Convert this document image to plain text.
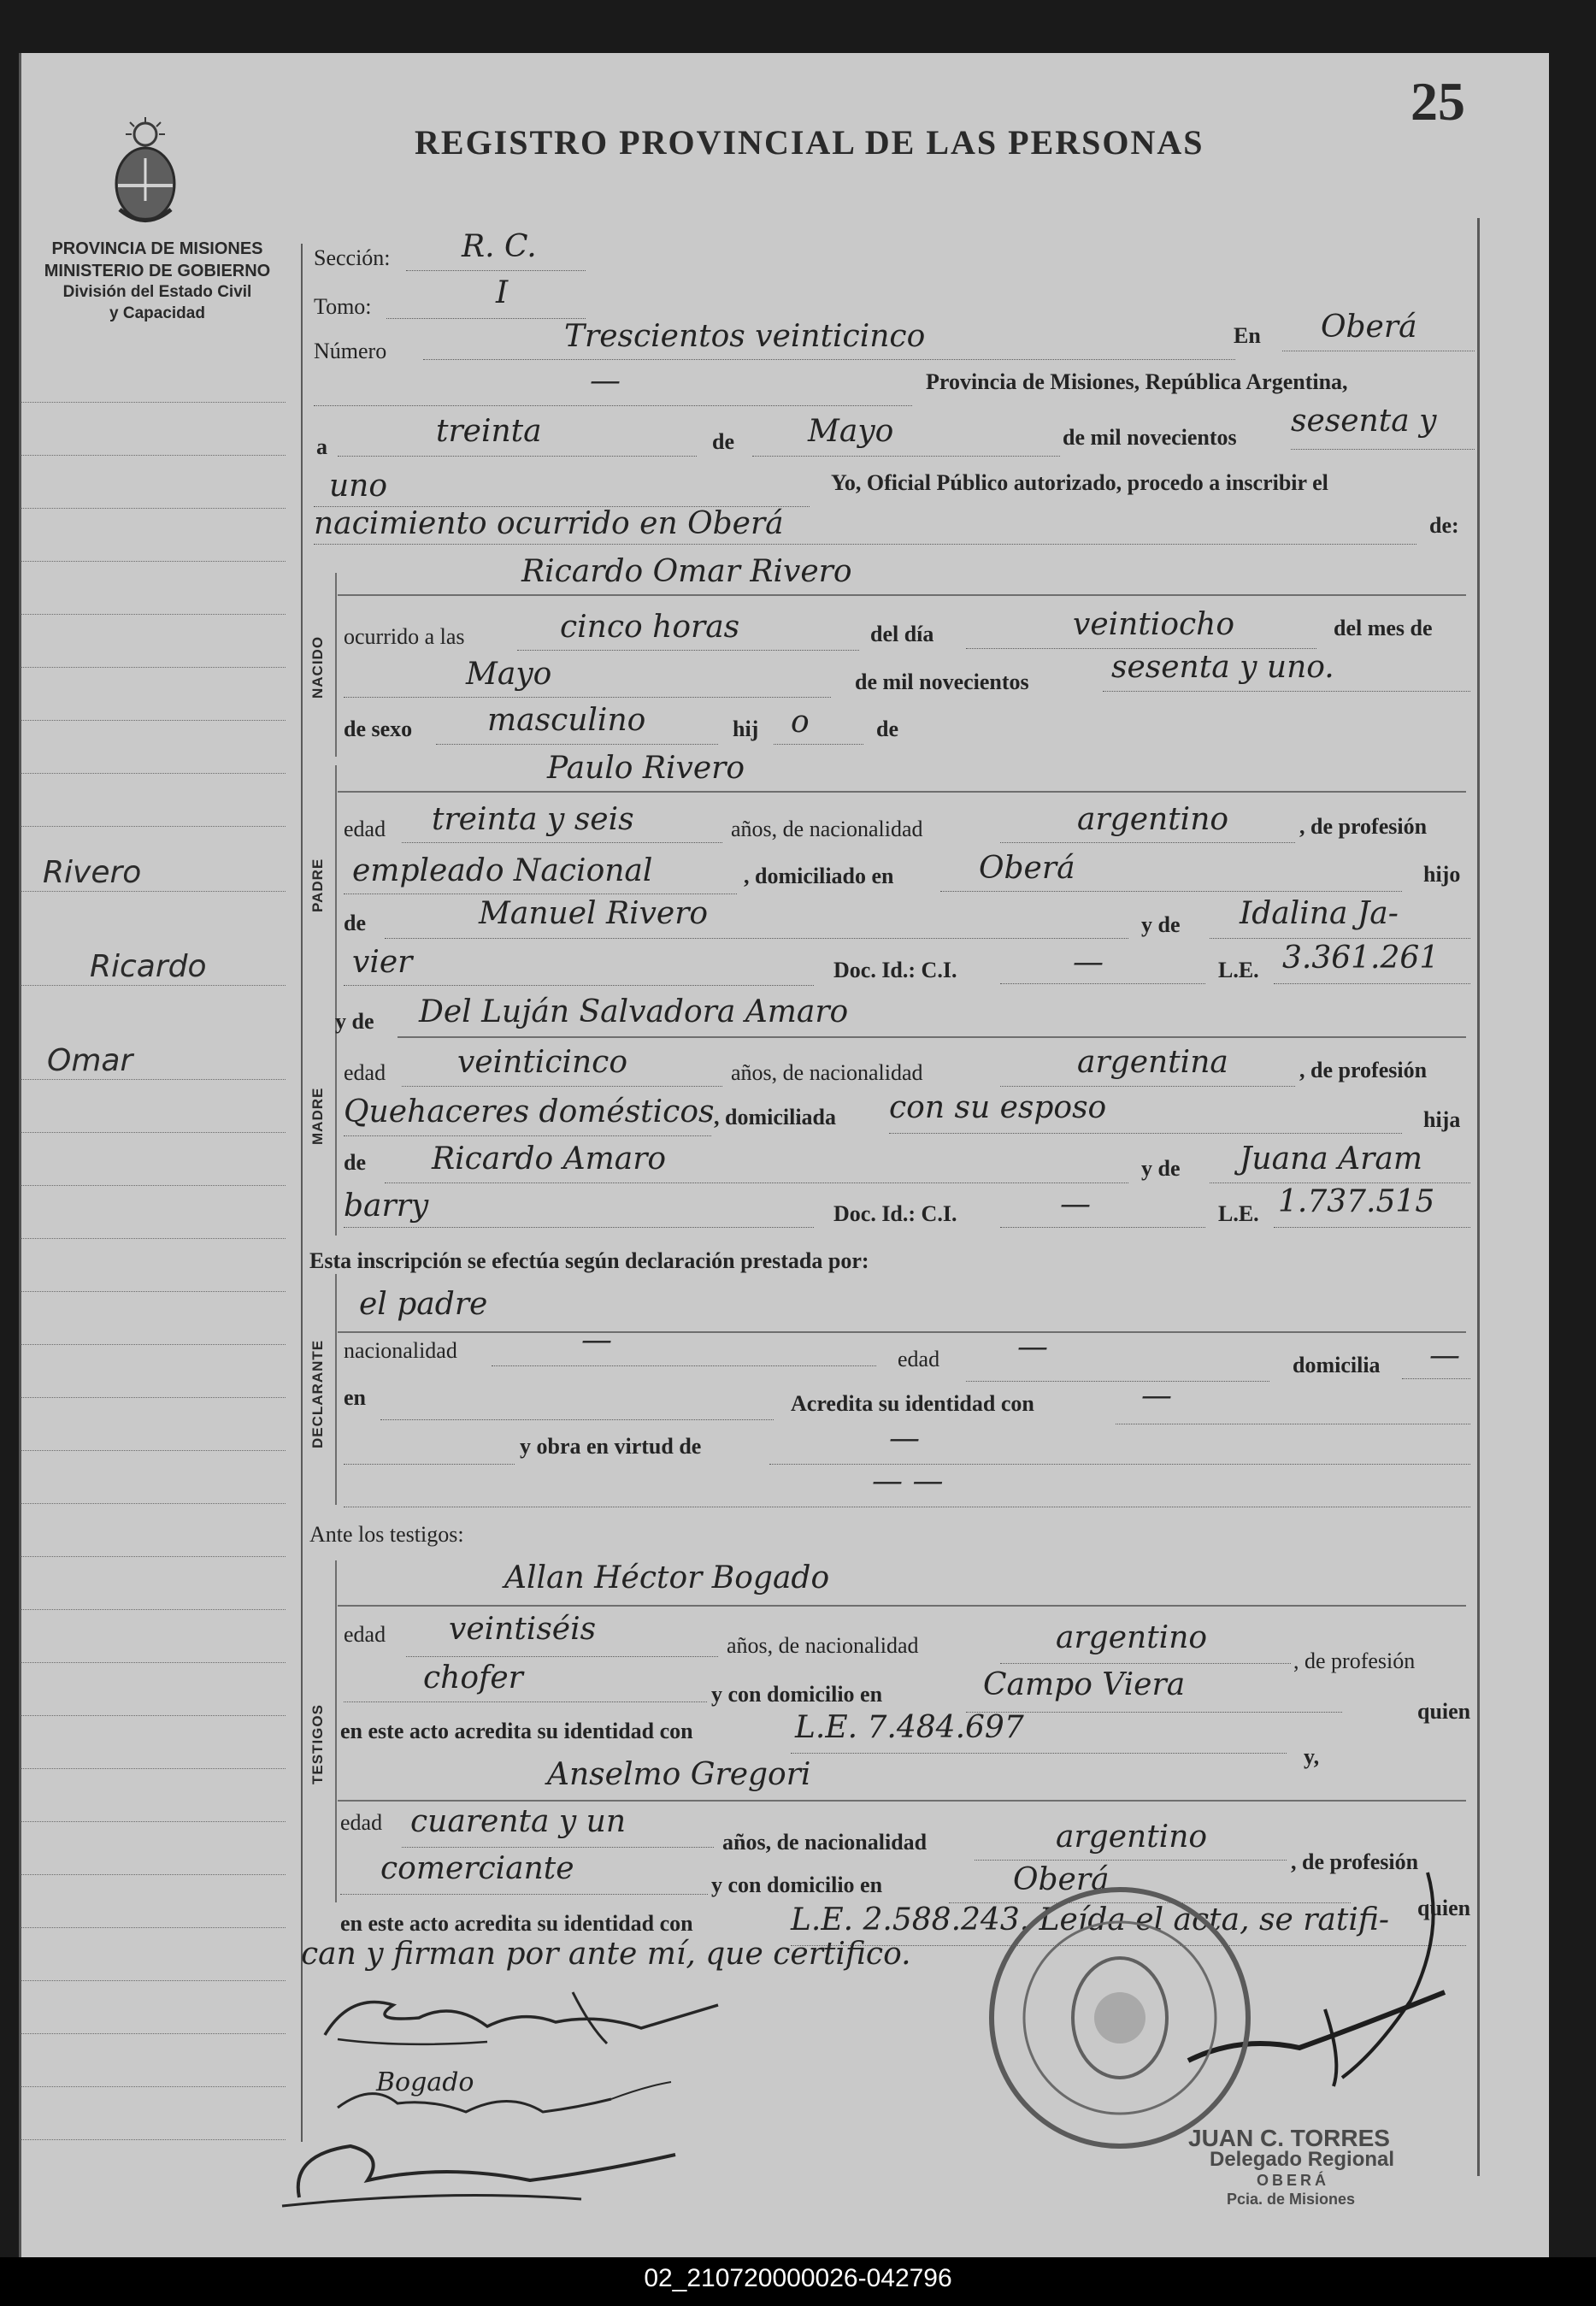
25
REGISTRO PROVINCIAL DE LAS PERSONAS
PROVINCIA DE MISIONES
MINISTERIO DE GOBIERNO
División del Estado Civil
y Capacidad
Rivero
Ricardo
Omar
Sección: R. C.
Tomo:	I
Número	Trescientos veinticinco	En Oberá
—	Provincia de Misiones, República Argentina,
a	treinta	de Mayo	de mil novecientos sesenta y
uno	Yo, Oficial Público autorizado, procedo a inscribir el
nacimiento ocurrido en Oberá	de:
NACIDO
Ricardo Omar Rivero
ocurrido a las	cinco horas	del día	veintiocho	del mes de
Mayo	de mil novecientos	sesenta y uno.
de sexo masculino	hij o	de
PADRE
Paulo Rivero
edad treinta y seis	años, de nacionalidad	argentino	, de profesión
empleado Nacional	, domiciliado en	Oberá	hijo
de	Manuel Rivero	y de Idalina Ja-
vier	Doc. Id.: C.I.	—	L.E. 3.361.261
MADRE
y de Del Luján Salvadora Amaro
edad veinticinco	años, de nacionalidad	argentina	, de profesión
Quehaceres domésticos , domiciliada con su esposo	hija
de Ricardo Amaro	y de Juana Aram
barry	Doc. Id.: C.I.	—	L.E. 1.737.515
Esta inscripción se efectúa según declaración prestada por:
DECLARANTE
el padre
nacionalidad	—
edad	—
domicilia —
en	Acredita su identidad con	—
y obra en virtud de	—
— —
Ante los testigos:
TESTIGOS
Allan Héctor Bogado
edad veintiséis	años, de nacionalidad	argentino
, de profesión
chofer	y con domicilio en	Campo Viera
quien
en este acto acredita su identidad con	L.E. 7.484.697
y,
Anselmo Gregori
edad cuarenta y un
años, de nacionalidad	argentino
, de profesión
comerciante	y con domicilio en	Oberá
quien
en este acto acredita su identidad con	L.E. 2.588.243. Leída el acta, se ratifi-
can y firman por ante mí, que certifico.
Bogado
JUAN C. TORRES
Delegado Regional
OBERÁ
Pcia. de Misiones
02_210720000026-042796
